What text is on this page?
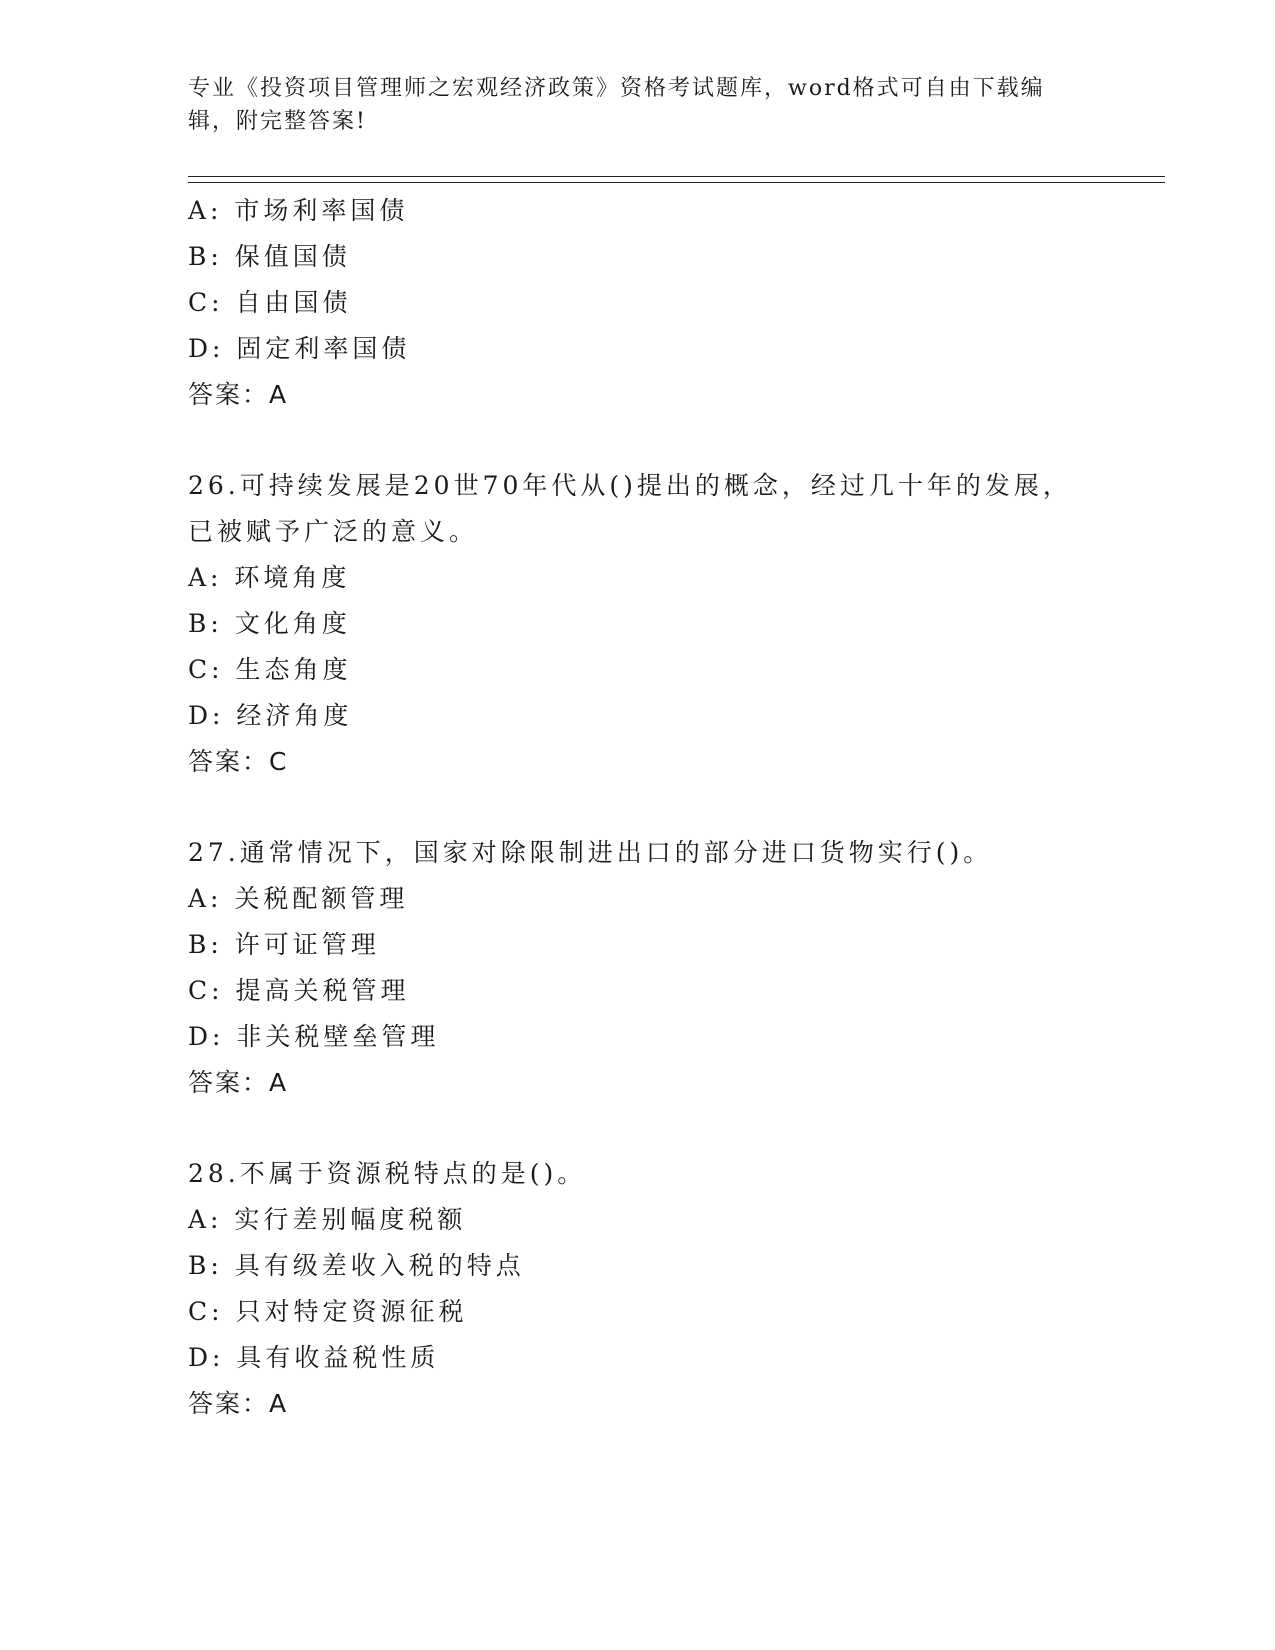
专业《投资项目管理师之宏观经济政策》资格考试题库，word格式可自由下载编
辑，附完整答案!
A: 市场利率国债
B: 保值国债
C: 自由国债
D: 固定利率国债
答案：A
26.可持续发展是20世70年代从()提出的概念，经过几十年的发展，
已被赋予广泛的意义。
A: 环境角度
B: 文化角度
C: 生态角度
D: 经济角度
答案：C
27.通常情况下，国家对除限制进出口的部分进口货物实行()。
A: 关税配额管理
B: 许可证管理
C: 提高关税管理
D: 非关税壁垒管理
答案：A
28.不属于资源税特点的是()。
A: 实行差别幅度税额
B: 具有级差收入税的特点
C: 只对特定资源征税
D: 具有收益税性质
答案：A
